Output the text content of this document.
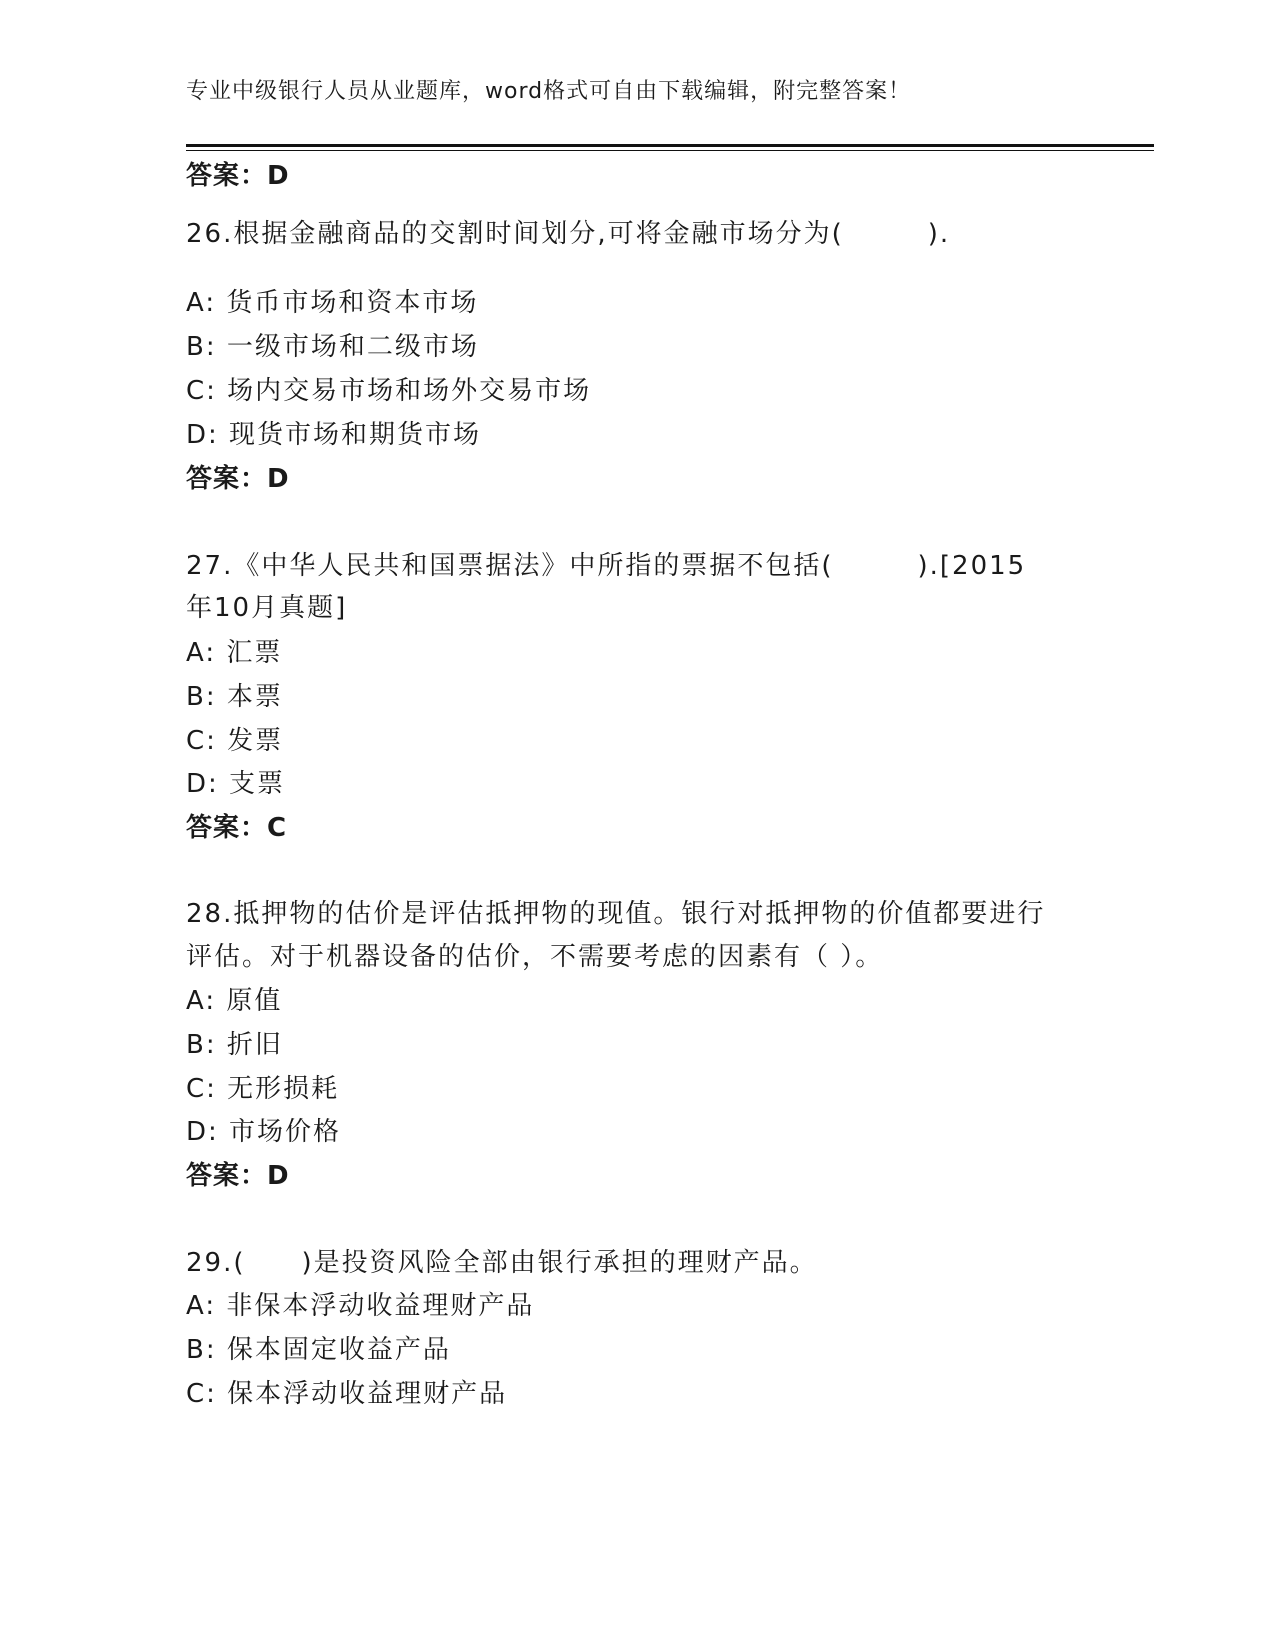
专业中级银行人员从业题库，word格式可自由下载编辑，附完整答案！
答案：D
26.根据金融商品的交割时间划分,可将金融市场分为(　　　).
A: 货币市场和资本市场
B: 一级市场和二级市场
C: 场内交易市场和场外交易市场
D: 现货市场和期货市场
答案：D
27.《中华人民共和国票据法》中所指的票据不包括(　　　).[2015
年10月真题]
A: 汇票
B: 本票
C: 发票
D: 支票
答案：C
28.抵押物的估价是评估抵押物的现值。银行对抵押物的价值都要进行
评估。对于机器设备的估价，不需要考虑的因素有（ ）。
A: 原值
B: 折旧
C: 无形损耗
D: 市场价格
答案：D
29.(　　)是投资风险全部由银行承担的理财产品。
A: 非保本浮动收益理财产品
B: 保本固定收益产品
C: 保本浮动收益理财产品
